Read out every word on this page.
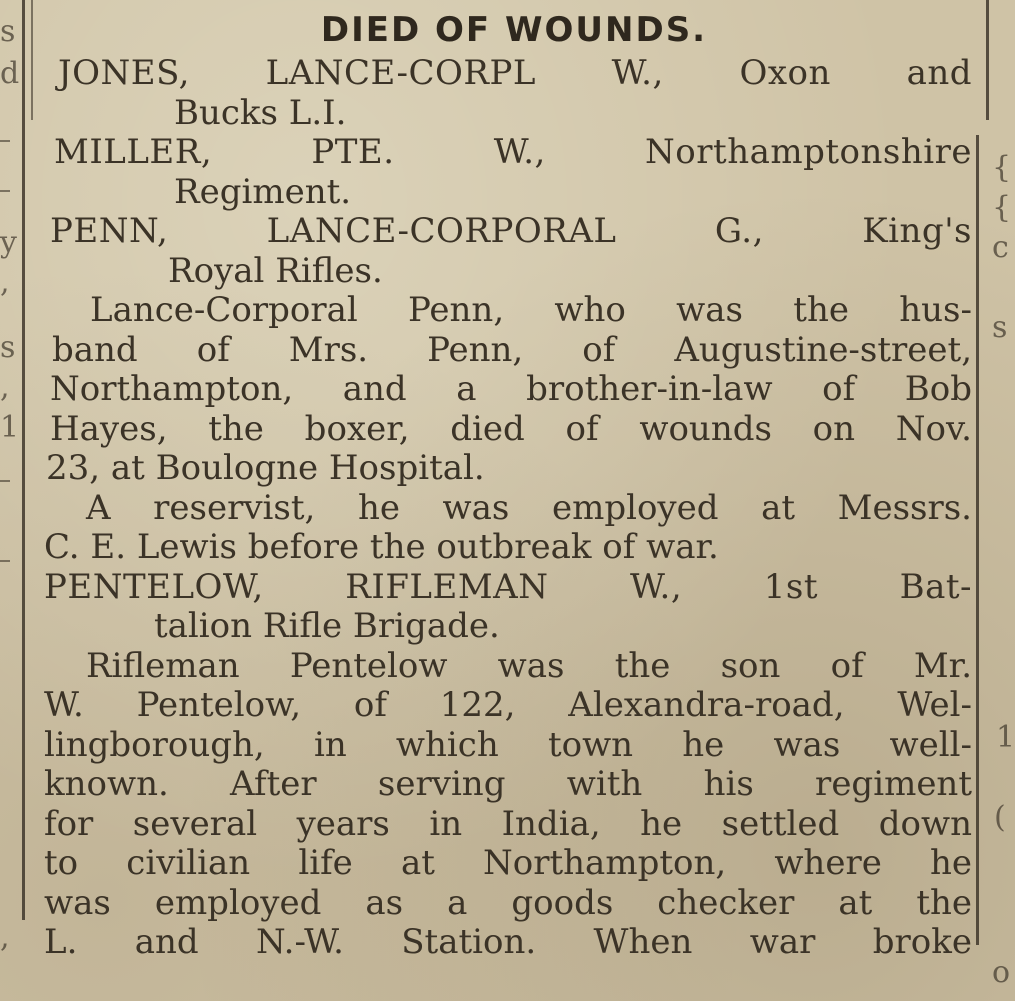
s
d
y
,
s
,
1
,
{
{
c
s
1
(
o
DIED OF WOUNDS.
JONES, LANCE-CORPL W., Oxon and
Bucks L.I.
MILLER, PTE. W., Northamptonshire
Regiment.
PENN, LANCE-CORPORAL G., King's
Royal Rifles.
Lance-Corporal Penn, who was the hus-
band of Mrs. Penn, of Augustine-street,
Northampton, and a brother-in-law of Bob
Hayes, the boxer, died of wounds on Nov.
23, at Boulogne Hospital.
A reservist, he was employed at Messrs.
C. E. Lewis before the outbreak of war.
PENTELOW, RIFLEMAN W., 1st Bat-
talion Rifle Brigade.
Rifleman Pentelow was the son of Mr.
W. Pentelow, of 122, Alexandra-road, Wel-
lingborough, in which town he was well-
known. After serving with his regiment
for several years in India, he settled down
to civilian life at Northampton, where he
was employed as a goods checker at the
L. and N.-W. Station. When war broke
